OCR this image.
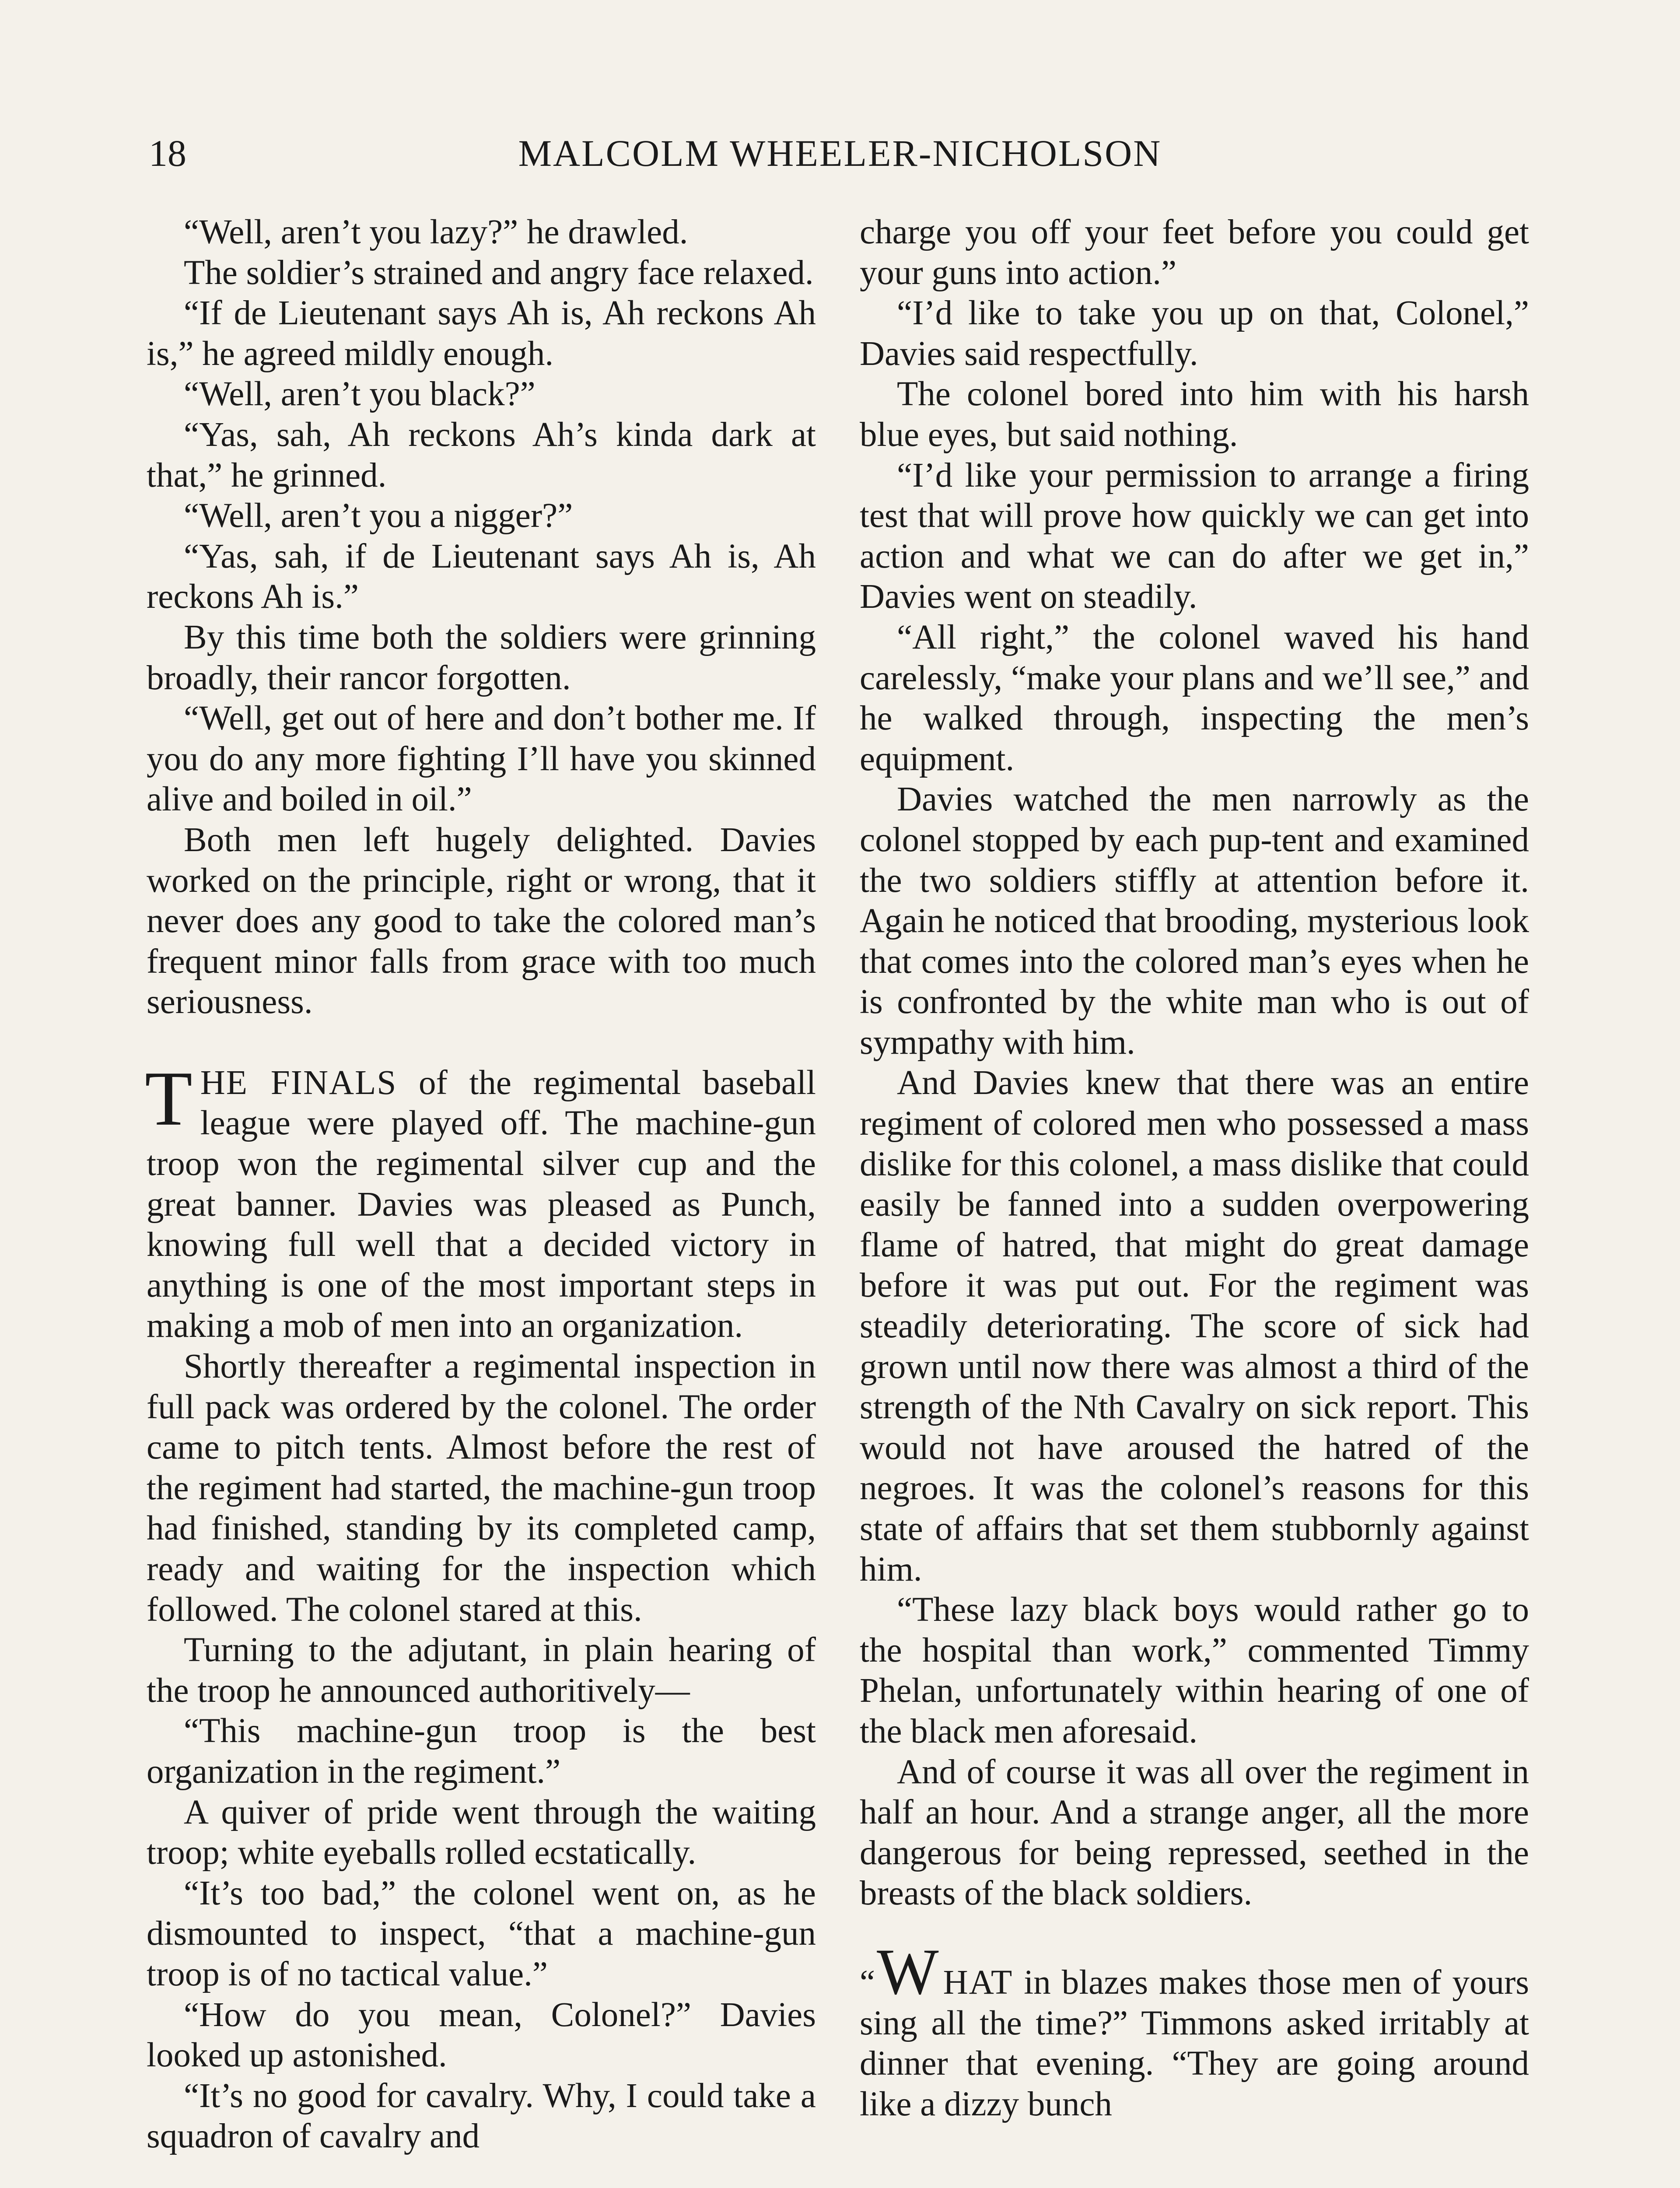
18	MALCOLM WHEELER-NICHOLSON

“Well, aren’t you lazy?” he drawled.

The soldier’s strained and angry face relaxed.

“If de Lieutenant says Ah is, Ah reckons Ah is,” he agreed mildly enough.

“Well, aren’t you black?”

“Yas, sah, Ah reckons Ah’s kinda dark at that,” he grinned.

“Well, aren’t you a nigger?”

“Yas, sah, if de Lieutenant says Ah is, Ah reckons Ah is.”

By this time both the soldiers were grinning broadly, their rancor forgotten.

“Well, get out of here and don’t bother me. If you do any more fighting I’ll have you skinned alive and boiled in oil.”

Both men left hugely delighted. Davies worked on the principle, right or wrong, that it never does any good to take the colored man’s frequent minor falls from grace with too much seriousness.

THE FINALS of the regimental baseball league were played off. The machine-gun troop won the regimental silver cup and the great banner. Davies was pleased as Punch, knowing full well that a decided victory in anything is one of the most important steps in making a mob of men into an organization.

Shortly thereafter a regimental inspection in full pack was ordered by the colonel. The order came to pitch tents. Almost before the rest of the regiment had started, the machine-gun troop had finished, standing by its completed camp, ready and waiting for the inspection which followed. The colonel stared at this.

Turning to the adjutant, in plain hearing of the troop he announced authoritively—

“This machine-gun troop is the best organization in the regiment.”

A quiver of pride went through the waiting troop; white eyeballs rolled ecstatically.

“It’s too bad,” the colonel went on, as he dismounted to inspect, “that a machine-gun troop is of no tactical value.”

“How do you mean, Colonel?” Davies looked up astonished.

“It’s no good for cavalry. Why, I could take a squadron of cavalry and

charge you off your feet before you could get your guns into action.”

“I’d like to take you up on that, Colonel,” Davies said respectfully.

The colonel bored into him with his harsh blue eyes, but said nothing.

“I’d like your permission to arrange a firing test that will prove how quickly we can get into action and what we can do after we get in,” Davies went on steadily.

“All right,” the colonel waved his hand carelessly, “make your plans and we’ll see,” and he walked through, inspecting the men’s equipment.

Davies watched the men narrowly as the colonel stopped by each pup-tent and examined the two soldiers stiffly at attention before it. Again he noticed that brooding, mysterious look that comes into the colored man’s eyes when he is confronted by the white man who is out of sympathy with him.

And Davies knew that there was an entire regiment of colored men who possessed a mass dislike for this colonel, a mass dislike that could easily be fanned into a sudden overpowering flame of hatred, that might do great damage before it was put out. For the regiment was steadily deteriorating. The score of sick had grown until now there was almost a third of the strength of the Nth Cavalry on sick report. This would not have aroused the hatred of the negroes. It was the colonel’s reasons for this state of affairs that set them stubbornly against him.

“These lazy black boys would rather go to the hospital than work,” commented Timmy Phelan, unfortunately within hearing of one of the black men aforesaid.

And of course it was all over the regiment in half an hour. And a strange anger, all the more dangerous for being repressed, seethed in the breasts of the black soldiers.

“W HAT in blazes makes those men of yours sing all the time?” Timmons asked irritably at dinner that evening. “They are going around like a dizzy bunch
